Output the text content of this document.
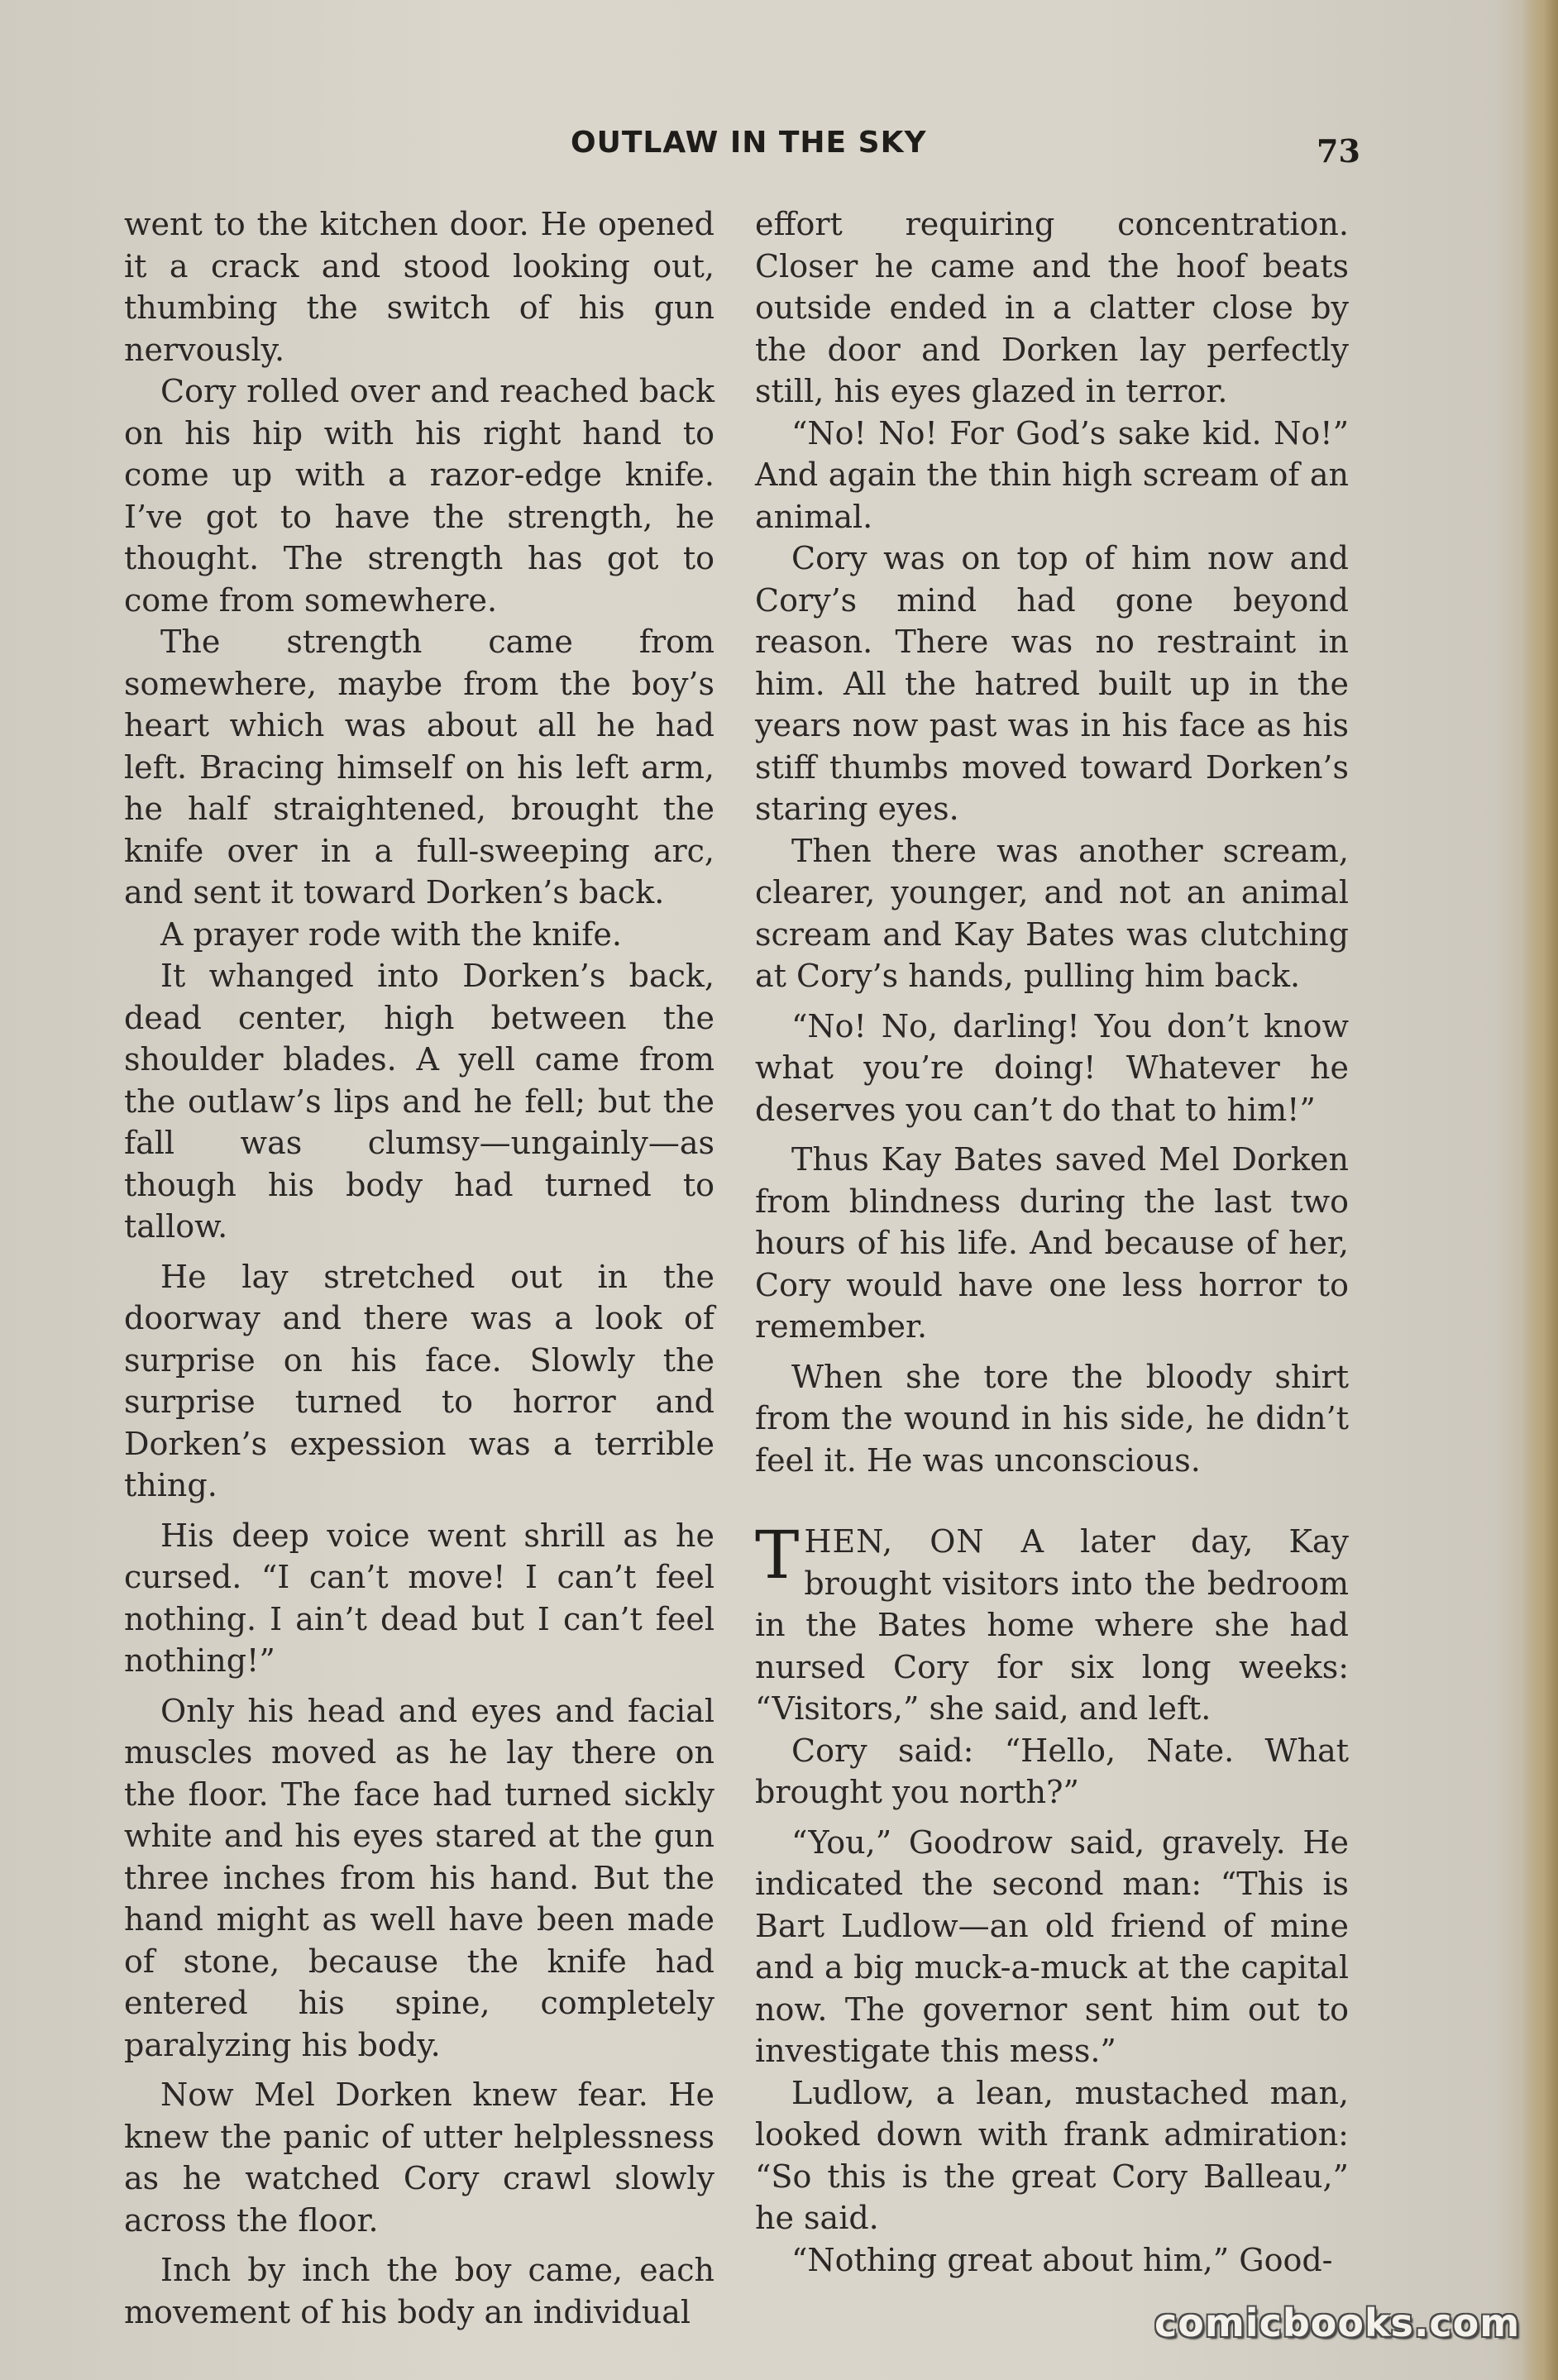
OUTLAW IN THE SKY	73

went to the kitchen door. He opened it a crack and stood looking out, thumbing the switch of his gun nervously.

Cory rolled over and reached back on his hip with his right hand to come up with a razor-edge knife. I’ve got to have the strength, he thought. The strength has got to come from somewhere.

The strength came from somewhere, maybe from the boy’s heart which was about all he had left. Bracing himself on his left arm, he half straightened, brought the knife over in a full-sweeping arc, and sent it toward Dorken’s back.

A prayer rode with the knife.

It whanged into Dorken’s back, dead center, high between the shoulder blades. A yell came from the outlaw’s lips and he fell; but the fall was clumsy—ungainly—as though his body had turned to tallow.

He lay stretched out in the doorway and there was a look of surprise on his face. Slowly the surprise turned to horror and Dorken’s expession was a terrible thing.

His deep voice went shrill as he cursed. “I can’t move! I can’t feel nothing. I ain’t dead but I can’t feel nothing!”

Only his head and eyes and facial muscles moved as he lay there on the floor. The face had turned sickly white and his eyes stared at the gun three inches from his hand. But the hand might as well have been made of stone, because the knife had entered his spine, completely paralyzing his body.

Now Mel Dorken knew fear. He knew the panic of utter helplessness as he watched Cory crawl slowly across the floor.

Inch by inch the boy came, each movement of his body an individual

effort requiring concentration. Closer he came and the hoof beats outside ended in a clatter close by the door and Dorken lay perfectly still, his eyes glazed in terror.

“No! No! For God’s sake kid. No!” And again the thin high scream of an animal.

Cory was on top of him now and Cory’s mind had gone beyond reason. There was no restraint in him. All the hatred built up in the years now past was in his face as his stiff thumbs moved toward Dorken’s staring eyes.

Then there was another scream, clearer, younger, and not an animal scream and Kay Bates was clutching at Cory’s hands, pulling him back.

“No! No, darling! You don’t know what you’re doing! Whatever he deserves you can’t do that to him!”

Thus Kay Bates saved Mel Dorken from blindness during the last two hours of his life. And because of her, Cory would have one less horror to remember.

When she tore the bloody shirt from the wound in his side, he didn’t feel it. He was unconscious.

THEN, ON A later day, Kay brought visitors into the bedroom in the Bates home where she had nursed Cory for six long weeks: “Visitors,” she said, and left.

Cory said: “Hello, Nate. What brought you north?”

“You,” Goodrow said, gravely. He indicated the second man: “This is Bart Ludlow—an old friend of mine and a big muck-a-muck at the capital now. The governor sent him out to investigate this mess.”

Ludlow, a lean, mustached man, looked down with frank admiration: “So this is the great Cory Balleau,” he said.

“Nothing great about him,” Good-

comicbooks.com
